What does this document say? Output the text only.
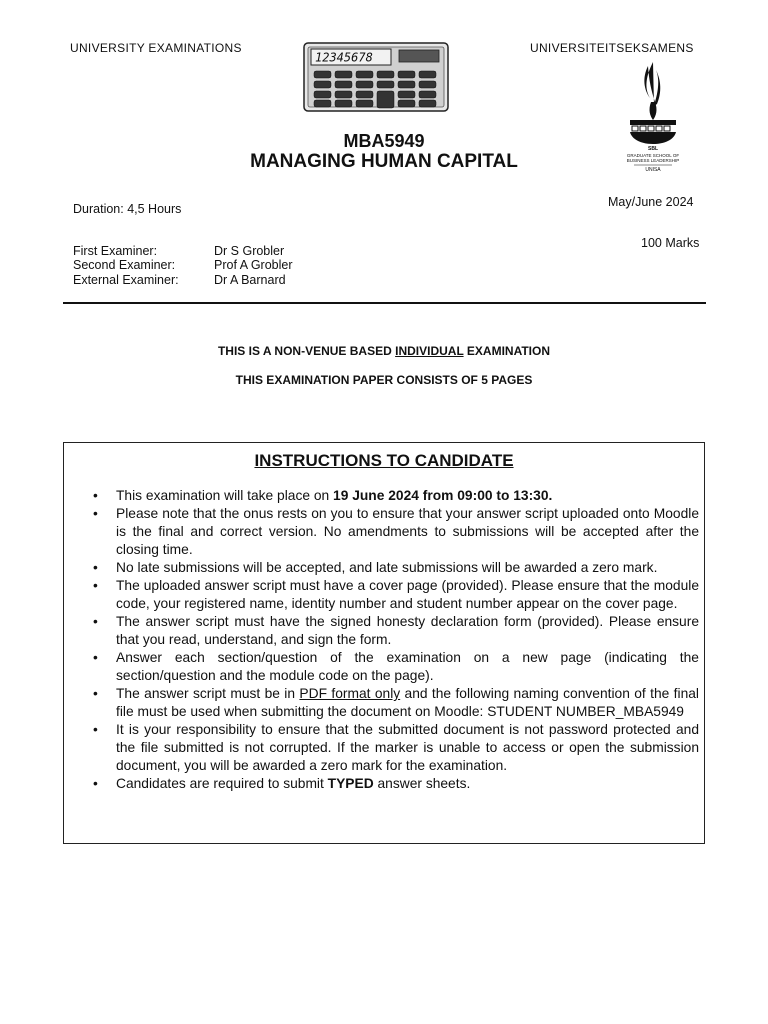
UNIVERSITY EXAMINATIONS	UNIVERSITEITSEKSAMENS
12345678
SBL
GRADUATE SCHOOL OF
BUSINESS LEADERSHIP
UNISA
MBA5949
MANAGING HUMAN CAPITAL
Duration: 4,5 Hours	May/June 2024
100 Marks
First Examiner:	Dr S Grobler
Second Examiner:	Prof A Grobler
External Examiner:	Dr A Barnard
THIS IS A NON-VENUE BASED INDIVIDUAL EXAMINATION
THIS EXAMINATION PAPER CONSISTS OF 5 PAGES
INSTRUCTIONS TO CANDIDATE
• This examination will take place on 19 June 2024 from 09:00 to 13:30.
• Please note that the onus rests on you to ensure that your answer script uploaded onto Moodle is the final and correct version. No amendments to submissions will be accepted after the closing time.
• No late submissions will be accepted, and late submissions will be awarded a zero mark.
• The uploaded answer script must have a cover page (provided). Please ensure that the module code, your registered name, identity number and student number appear on the cover page.
• The answer script must have the signed honesty declaration form (provided). Please ensure that you read, understand, and sign the form.
• Answer each section/question of the examination on a new page (indicating the section/question and the module code on the page).
• The answer script must be in PDF format only and the following naming convention of the final file must be used when submitting the document on Moodle: STUDENT NUMBER_MBA5949
• It is your responsibility to ensure that the submitted document is not password protected and the file submitted is not corrupted. If the marker is unable to access or open the submission document, you will be awarded a zero mark for the examination.
• Candidates are required to submit TYPED answer sheets.
